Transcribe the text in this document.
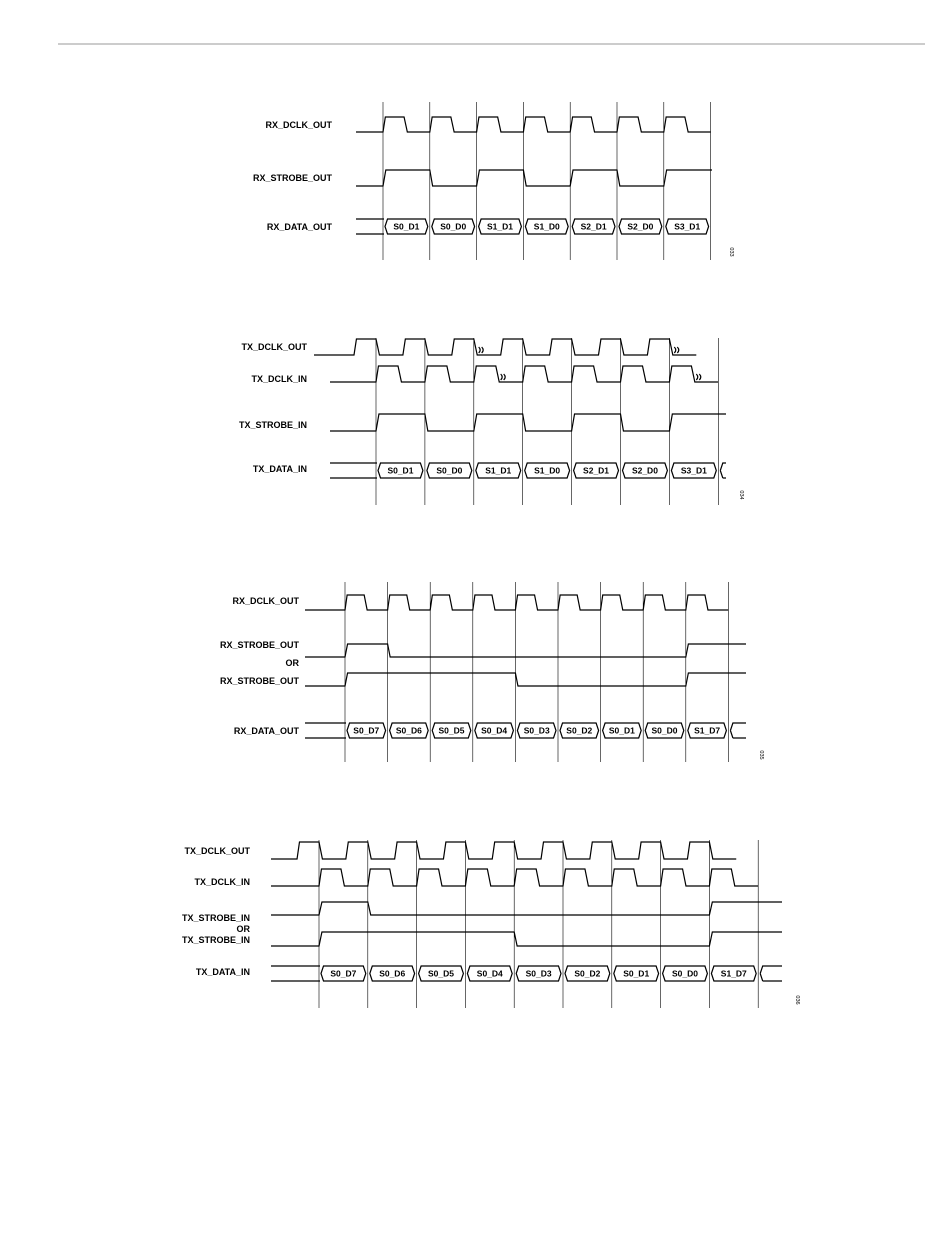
RX_DCLK_OUT
RX_STROBE_OUT
RX_DATA_OUT	S0_D1 S0_D0 S1_D1 S1_D0 S2_D1 S2_D0 S3_D1
033
TX_DCLK_OUT
TX_DCLK_IN
TX_STROBE_IN
TX_DATA_IN	S0_D1	S0_D0	S1_D1	S1_D0	S2_D1	S2_D0	S3_D1
034
RX_DCLK_OUT
RX_STROBE_OUT
OR
RX_STROBE_OUT
RX_DATA_OUT	S0_D7 S0_D6 S0_D5 S0_D4 S0_D3 S0_D2 S0_D1 S0_D0 S1_D7
035
TX_DCLK_OUT
TX_DCLK_IN
TX_STROBE_IN
OR
TX_STROBE_IN
TX_DATA_IN	S0_D7	S0_D6	S0_D5	S0_D4	S0_D3	S0_D2	S0_D1	S0_D0	S1_D7
036
